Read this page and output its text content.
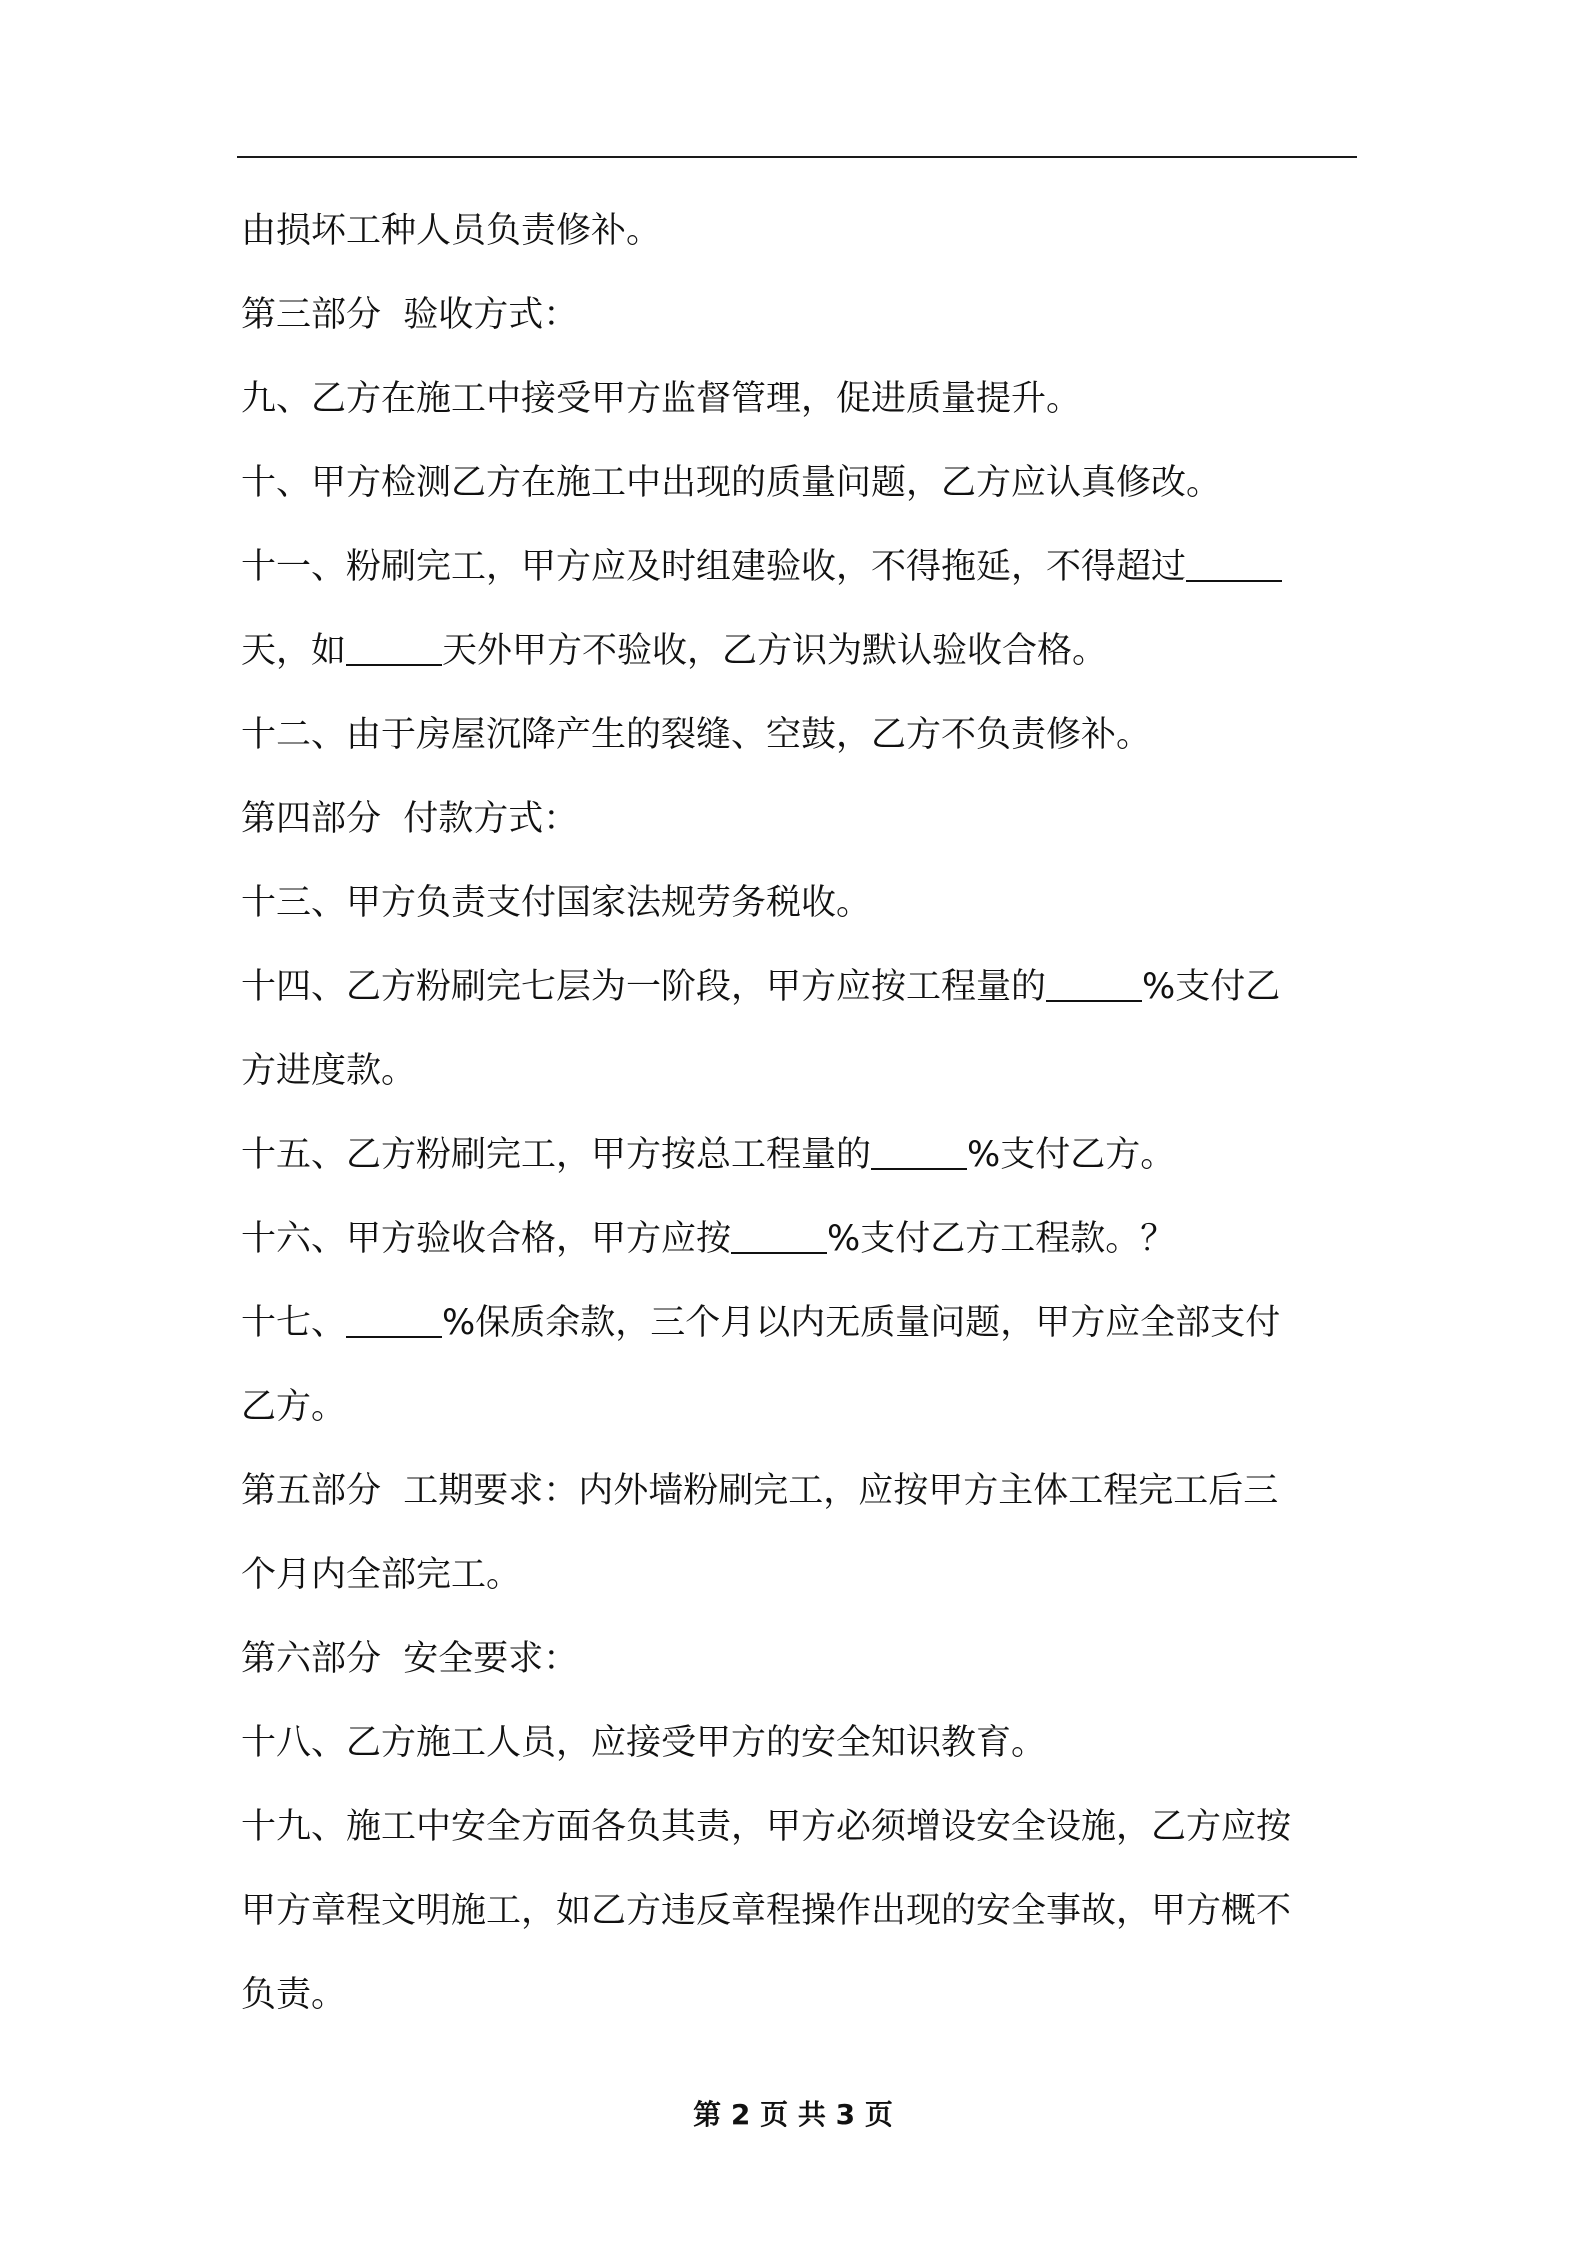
由损坏工种人员负责修补。

第三部分  验收方式：

九、乙方在施工中接受甲方监督管理，促进质量提升。

十、甲方检测乙方在施工中出现的质量问题，乙方应认真修改。

十一、粉刷完工，甲方应及时组建验收，不得拖延，不得超过

天，如	天外甲方不验收，乙方识为默认验收合格。

十二、由于房屋沉降产生的裂缝、空鼓，乙方不负责修补。

第四部分  付款方式：

十三、甲方负责支付国家法规劳务税收。

十四、乙方粉刷完七层为一阶段，甲方应按工程量的	%支付乙

方进度款。

十五、乙方粉刷完工，甲方按总工程量的	%支付乙方。

十六、甲方验收合格，甲方应按	%支付乙方工程款。？

十七、	%保质余款，三个月以内无质量问题，甲方应全部支付

乙方。

第五部分  工期要求：内外墙粉刷完工，应按甲方主体工程完工后三

个月内全部完工。

第六部分  安全要求：

十八、乙方施工人员，应接受甲方的安全知识教育。

十九、施工中安全方面各负其责，甲方必须增设安全设施，乙方应按

甲方章程文明施工，如乙方违反章程操作出现的安全事故，甲方概不

负责。

第 2 页 共 3 页
